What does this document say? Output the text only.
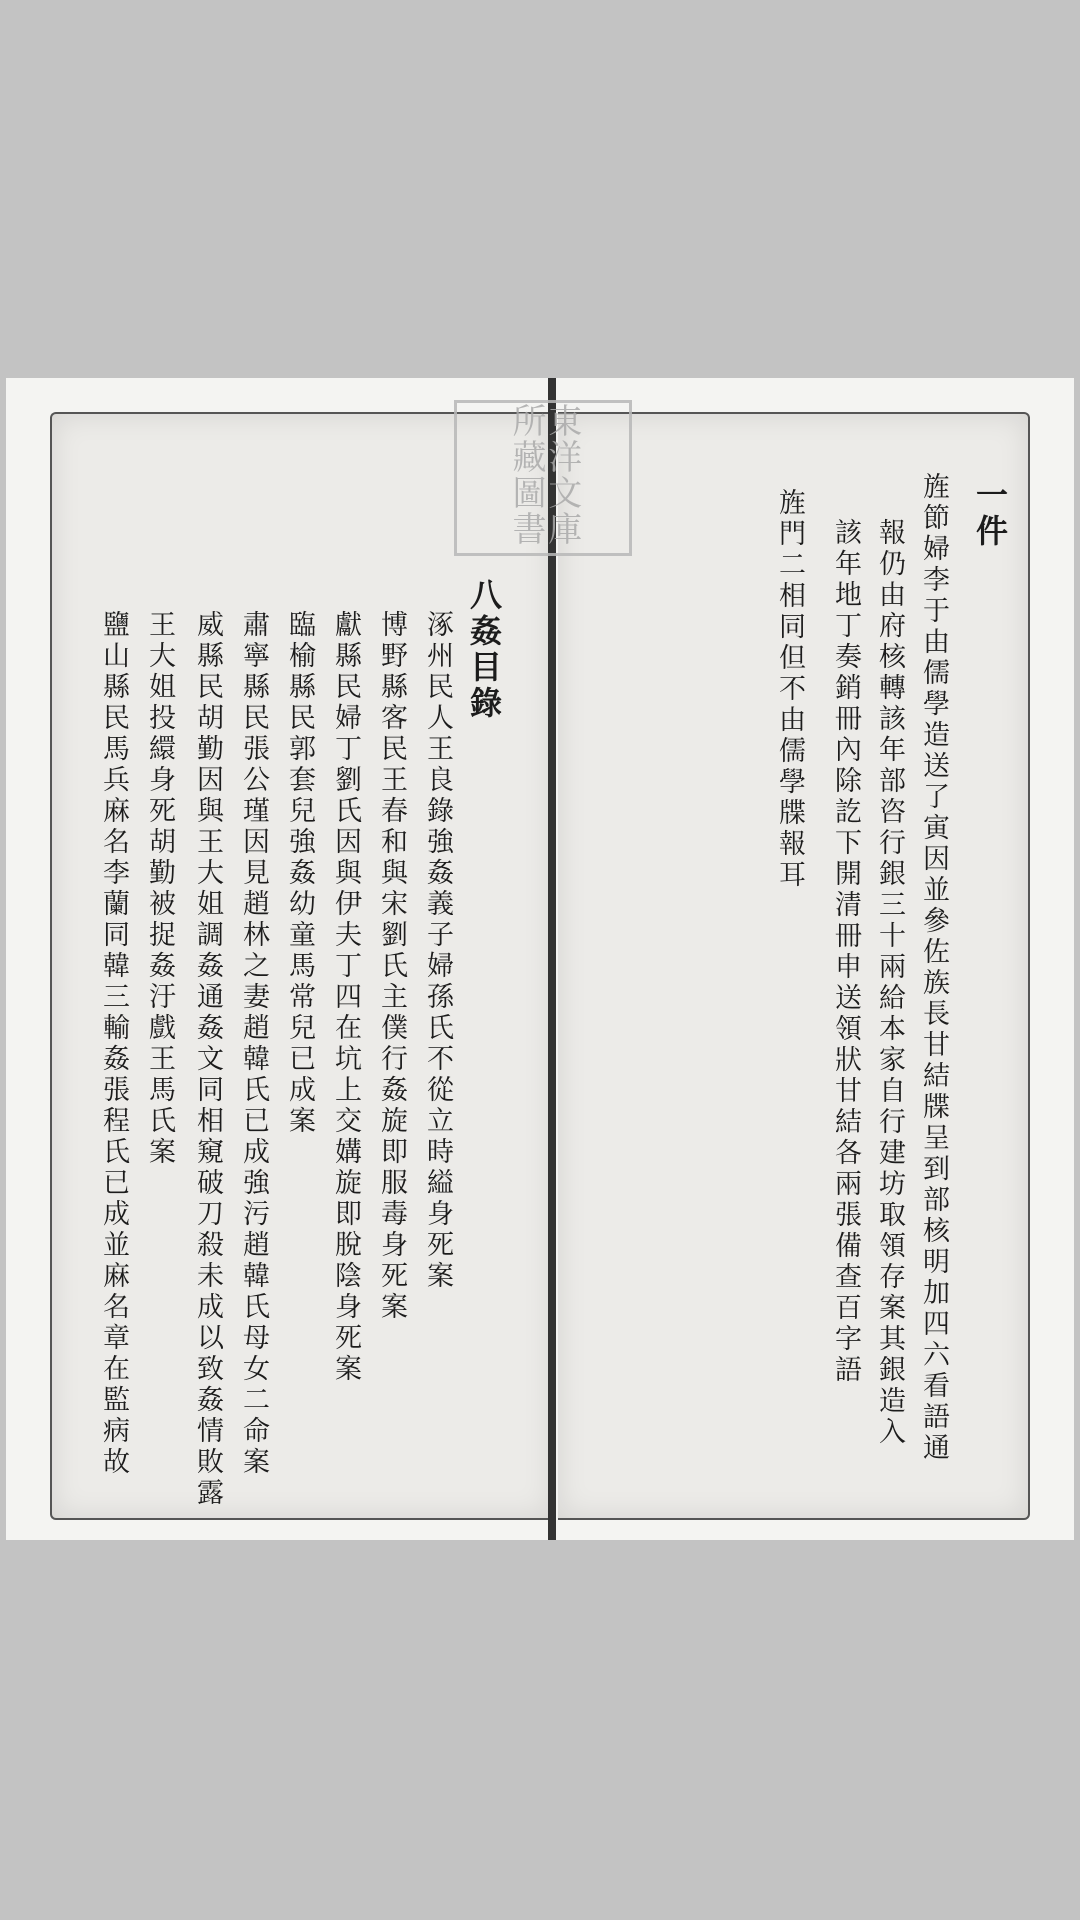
東洋文庫所藏圖書	一件
旌節婦李于由儒學造送了寅因並參佐族長甘結牒呈到部核明加四六看語通
報仍由府核轉該年部咨行銀三十兩給本家自行建坊取領存案其銀造入
該年地丁奏銷冊內除訖下開清冊申送領狀甘結各兩張備查百字語
旌門二相同但不由儒學牒報耳
八姦目錄
涿州民人王良錄強姦義子婦孫氏不從立時縊身死案
博野縣客民王春和與宋劉氏主僕行姦旋即服毒身死案
獻縣民婦丁劉氏因與伊夫丁四在坑上交媾旋即脫陰身死案
臨榆縣民郭套兒強姦幼童馬常兒已成案
肅寧縣民張公瑾因見趙林之妻趙韓氏已成強污趙韓氏母女二命案
威縣民胡勤因與王大姐調姦通姦文同相窺破刀殺未成以致姦情敗露
王大姐投繯身死胡勤被捉姦汙戲王馬氏案
鹽山縣民馬兵麻名李蘭同韓三輸姦張程氏已成並麻名章在監病故
